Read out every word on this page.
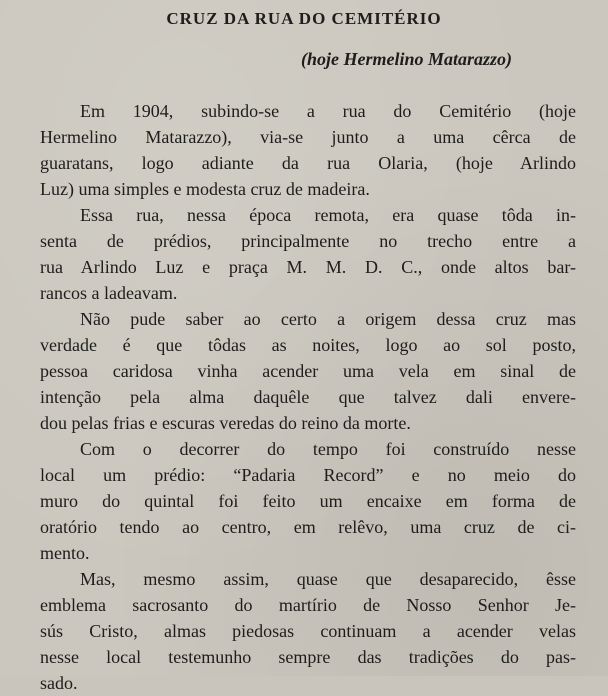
CRUZ DA RUA DO CEMITÉRIO
(hoje Hermelino Matarazzo)
Em 1904, subindo-se a rua do Cemitério (hoje
Hermelino Matarazzo), via-se junto a uma cêrca de
guaratans, logo adiante da rua Olaria, (hoje Arlindo
Luz) uma simples e modesta cruz de madeira.
Essa rua, nessa época remota, era quase tôda in-
senta de prédios, principalmente no trecho entre a
rua Arlindo Luz e praça M. M. D. C., onde altos bar-
rancos a ladeavam.
Não pude saber ao certo a origem dessa cruz mas
verdade é que tôdas as noites, logo ao sol posto,
pessoa caridosa vinha acender uma vela em sinal de
intenção pela alma daquêle que talvez dali envere-
dou pelas frias e escuras veredas do reino da morte.
Com o decorrer do tempo foi construído nesse
local um prédio: “Padaria Record” e no meio do
muro do quintal foi feito um encaixe em forma de
oratório tendo ao centro, em relêvo, uma cruz de ci-
mento.
Mas, mesmo assim, quase que desaparecido, êsse
emblema sacrosanto do martírio de Nosso Senhor Je-
sús Cristo, almas piedosas continuam a acender velas
nesse local testemunho sempre das tradições do pas-
sado.
